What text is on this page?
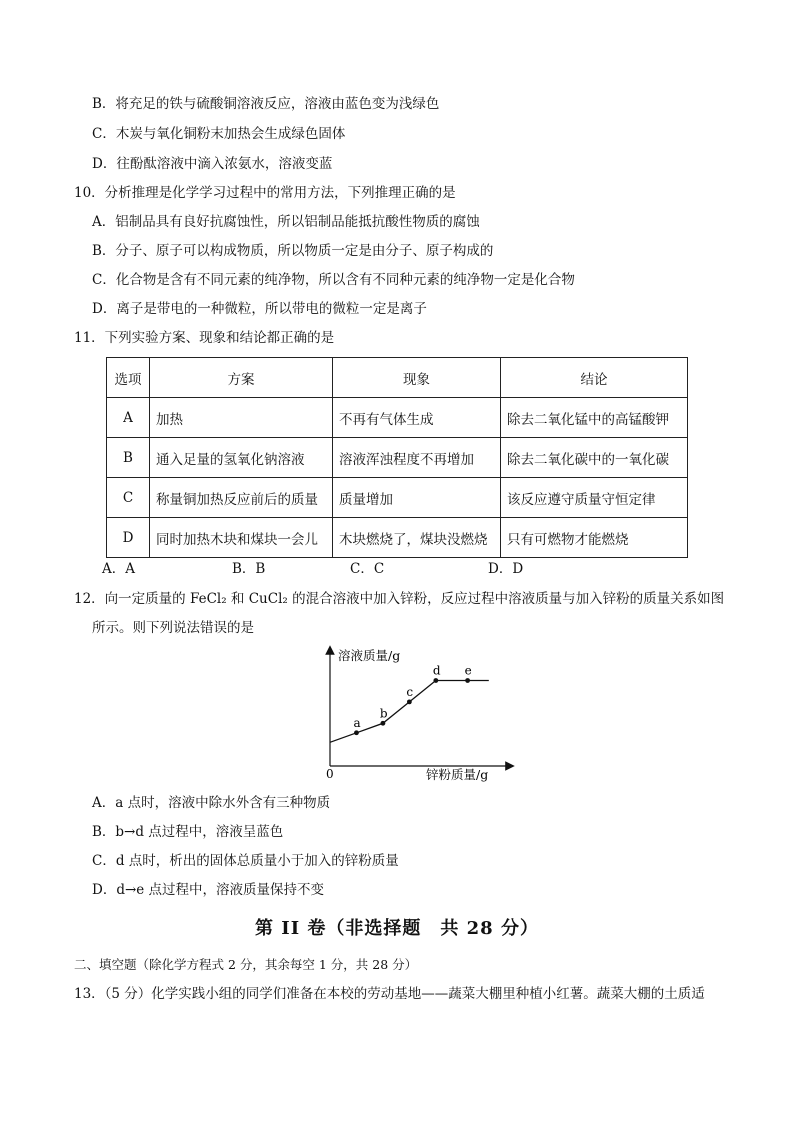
B．将充足的铁与硫酸铜溶液反应，溶液由蓝色变为浅绿色
C．木炭与氧化铜粉末加热会生成绿色固体
D．往酚酞溶液中滴入浓氨水，溶液变蓝
10．分析推理是化学学习过程中的常用方法，下列推理正确的是
A．铝制品具有良好抗腐蚀性，所以铝制品能抵抗酸性物质的腐蚀
B．分子、原子可以构成物质，所以物质一定是由分子、原子构成的
C．化合物是含有不同元素的纯净物，所以含有不同种元素的纯净物一定是化合物
D．离子是带电的一种微粒，所以带电的微粒一定是离子
11．下列实验方案、现象和结论都正确的是
选项	方案	现象	结论
A	加热	不再有气体生成	除去二氧化锰中的高锰酸钾
B	通入足量的氢氧化钠溶液	溶液浑浊程度不再增加	除去二氧化碳中的一氧化碳
C	称量铜加热反应前后的质量	质量增加	该反应遵守质量守恒定律
D	同时加热木块和煤块一会儿	木块燃烧了，煤块没燃烧	只有可燃物才能燃烧
A．A	B．B	C．C	D．D
12．向一定质量的 FeCl₂ 和 CuCl₂ 的混合溶液中加入锌粉，反应过程中溶液质量与加入锌粉的质量关系如图
所示。则下列说法错误的是
溶液质量/g
锌粉质量/g
0
a
b
c
d e
A．a 点时，溶液中除水外含有三种物质
B．b→d 点过程中，溶液呈蓝色
C．d 点时，析出的固体总质量小于加入的锌粉质量
D．d→e 点过程中，溶液质量保持不变
第 II 卷（非选择题　共 28 分）
二、填空题（除化学方程式 2 分，其余每空 1 分，共 28 分）
13．（5 分）化学实践小组的同学们准备在本校的劳动基地——蔬菜大棚里种植小红薯。蔬菜大棚的土质适
